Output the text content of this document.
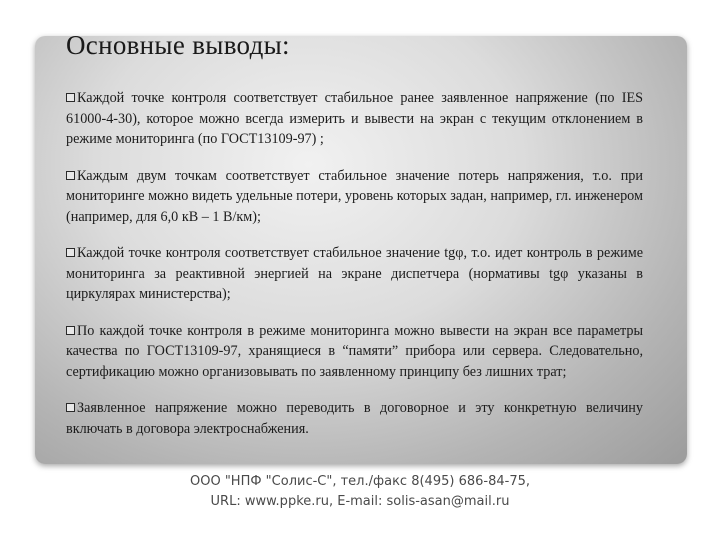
Основные выводы:
Каждой точке контроля соответствует стабильное ранее заявленное напряжение (по IES 61000-4-30), которое можно всегда измерить и вывести на экран с текущим отклонением в режиме мониторинга (по ГОСТ13109-97) ;
Каждым двум точкам соответствует стабильное значение потерь напряжения, т.о. при мониторинге можно видеть удельные потери, уровень которых задан, например, гл. инженером (например, для 6,0 кВ – 1 В/км);
Каждой точке контроля соответствует стабильное значение tgφ, т.о. идет контроль в режиме мониторинга за реактивной энергией на экране диспетчера (нормативы tgφ указаны в циркулярах министерства);
По каждой точке контроля в режиме мониторинга можно вывести на экран все параметры качества по ГОСТ13109-97, хранящиеся в “памяти” прибора или сервера. Следовательно, сертификацию можно организовывать по заявленному принципу без лишних трат;
Заявленное напряжение можно переводить в договорное и эту конкретную величину включать в договора электроснабжения.
ООО "НПФ "Солис-С", тел./факс 8(495) 686-84-75,
URL: www.ppke.ru, E-mail: solis-asan@mail.ru
